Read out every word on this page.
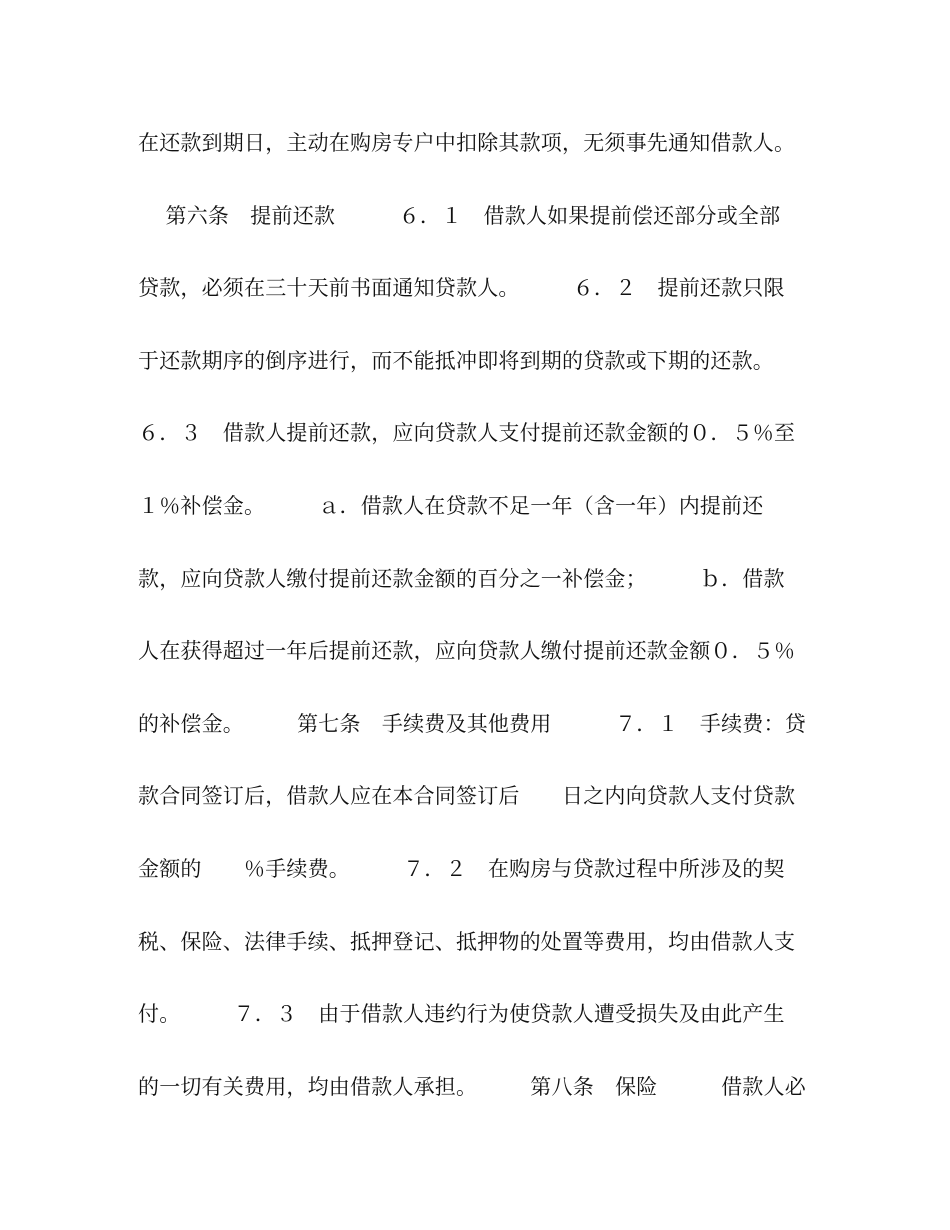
在还款到期日，主动在购房专户中扣除其款项，无须事先通知借款人。
第六条　提前还款　　　６．１　借款人如果提前偿还部分或全部
贷款，必须在三十天前书面通知贷款人。　　　６．２　提前还款只限
于还款期序的倒序进行，而不能抵冲即将到期的贷款或下期的还款。
６．３　借款人提前还款，应向贷款人支付提前还款金额的０．５％至
１％补偿金。　　　ａ．借款人在贷款不足一年（含一年）内提前还
款，应向贷款人缴付提前还款金额的百分之一补偿金；　　　ｂ．借款
人在获得超过一年后提前还款，应向贷款人缴付提前还款金额０．５％
的补偿金。　　　第七条　手续费及其他费用　　　７．１　手续费：贷
款合同签订后，借款人应在本合同签订后　　日之内向贷款人支付贷款
金额的　　％手续费。　　　７．２　在购房与贷款过程中所涉及的契
税、保险、法律手续、抵押登记、抵押物的处置等费用，均由借款人支
付。　　　７．３　由于借款人违约行为使贷款人遭受损失及由此产生
的一切有关费用，均由借款人承担。　　　第八条　保险　　　借款人必
